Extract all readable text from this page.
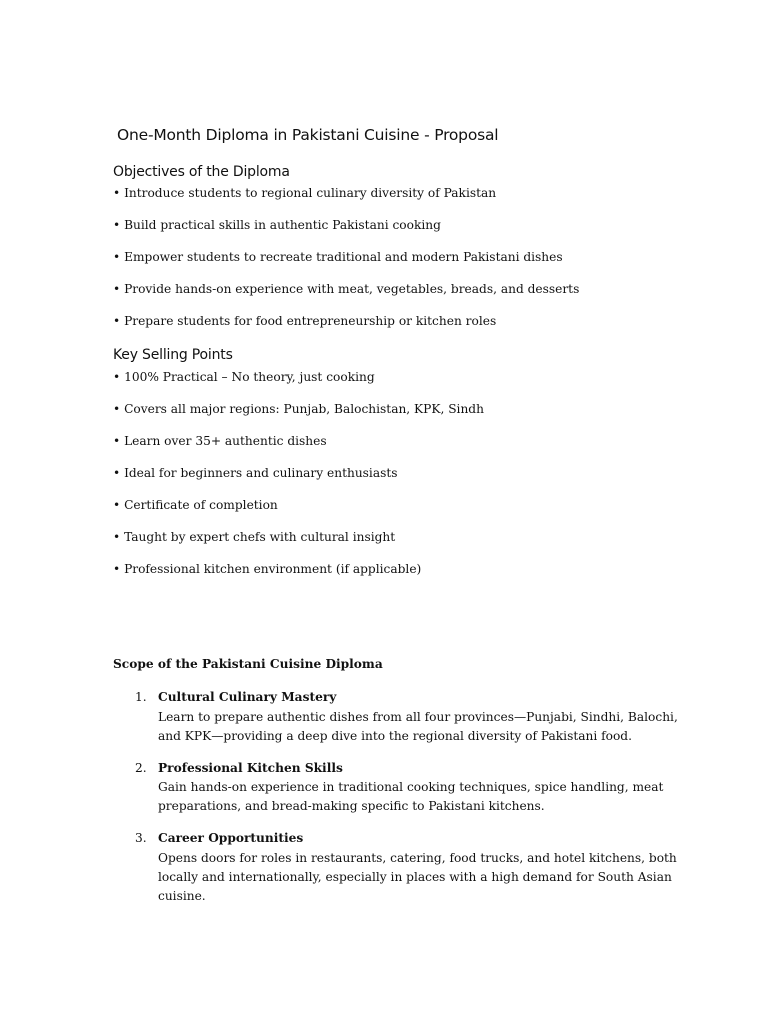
One-Month Diploma in Pakistani Cuisine - Proposal
Objectives of the Diploma
• Introduce students to regional culinary diversity of Pakistan
• Build practical skills in authentic Pakistani cooking
• Empower students to recreate traditional and modern Pakistani dishes
• Provide hands-on experience with meat, vegetables, breads, and desserts
• Prepare students for food entrepreneurship or kitchen roles
Key Selling Points
• 100% Practical – No theory, just cooking
• Covers all major regions: Punjab, Balochistan, KPK, Sindh
• Learn over 35+ authentic dishes
• Ideal for beginners and culinary enthusiasts
• Certificate of completion
• Taught by expert chefs with cultural insight
• Professional kitchen environment (if applicable)
Scope of the Pakistani Cuisine Diploma
1. Cultural Culinary Mastery
Learn to prepare authentic dishes from all four provinces—Punjabi, Sindhi, Balochi,
and KPK—providing a deep dive into the regional diversity of Pakistani food.
2. Professional Kitchen Skills
Gain hands-on experience in traditional cooking techniques, spice handling, meat
preparations, and bread-making specific to Pakistani kitchens.
3. Career Opportunities
Opens doors for roles in restaurants, catering, food trucks, and hotel kitchens, both
locally and internationally, especially in places with a high demand for South Asian
cuisine.
